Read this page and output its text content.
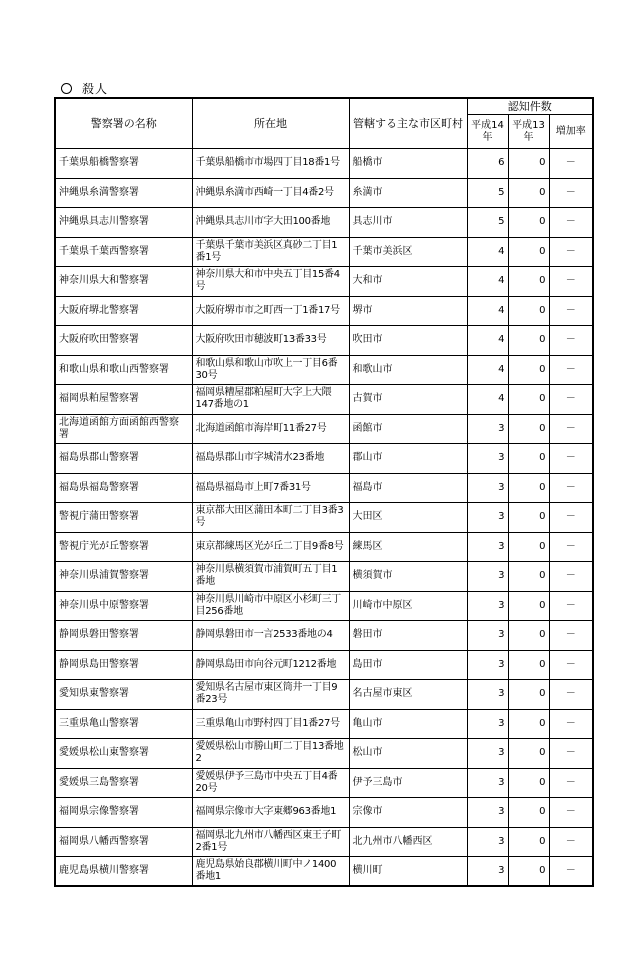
殺人
警察署の名称	所在地	管轄する主な市区町村	認知件数		
			平成14年	平成13年	増加率
千葉県船橋警察署	千葉県船橋市市場四丁目18番1号	船橋市	6	0	－
沖縄県糸満警察署	沖縄県糸満市西崎一丁目4番2号	糸満市	5	0	－
沖縄県具志川警察署	沖縄県具志川市字大田100番地	具志川市	5	0	－
千葉県千葉西警察署	千葉県千葉市美浜区真砂二丁目1番1号	千葉市美浜区	4	0	－
神奈川県大和警察署	神奈川県大和市中央五丁目15番4号	大和市	4	0	－
大阪府堺北警察署	大阪府堺市市之町西一丁1番17号	堺市	4	0	－
大阪府吹田警察署	大阪府吹田市穂波町13番33号	吹田市	4	0	－
和歌山県和歌山西警察署	和歌山県和歌山市吹上一丁目6番30号	和歌山市	4	0	－
福岡県粕屋警察署	福岡県糟屋郡粕屋町大字上大隈147番地の1	古賀市	4	0	－
北海道函館方面函館西警察署	北海道函館市海岸町11番27号	函館市	3	0	－
福島県郡山警察署	福島県郡山市字城清水23番地	郡山市	3	0	－
福島県福島警察署	福島県福島市上町7番31号	福島市	3	0	－
警視庁蒲田警察署	東京都大田区蒲田本町二丁目3番3号	大田区	3	0	－
警視庁光が丘警察署	東京都練馬区光が丘二丁目9番8号	練馬区	3	0	－
神奈川県浦賀警察署	神奈川県横須賀市浦賀町五丁目1番地	横須賀市	3	0	－
神奈川県中原警察署	神奈川県川崎市中原区小杉町三丁目256番地	川崎市中原区	3	0	－
静岡県磐田警察署	静岡県磐田市一言2533番地の4	磐田市	3	0	－
静岡県島田警察署	静岡県島田市向谷元町1212番地	島田市	3	0	－
愛知県東警察署	愛知県名古屋市東区筒井一丁目9番23号	名古屋市東区	3	0	－
三重県亀山警察署	三重県亀山市野村四丁目1番27号	亀山市	3	0	－
愛媛県松山東警察署	愛媛県松山市勝山町二丁目13番地2	松山市	3	0	－
愛媛県三島警察署	愛媛県伊予三島市中央五丁目4番20号	伊予三島市	3	0	－
福岡県宗像警察署	福岡県宗像市大字東郷963番地1	宗像市	3	0	－
福岡県八幡西警察署	福岡県北九州市八幡西区東王子町2番1号	北九州市八幡西区	3	0	－
鹿児島県横川警察署	鹿児島県始良郡横川町中ノ1400番地1	横川町	3	0	－
